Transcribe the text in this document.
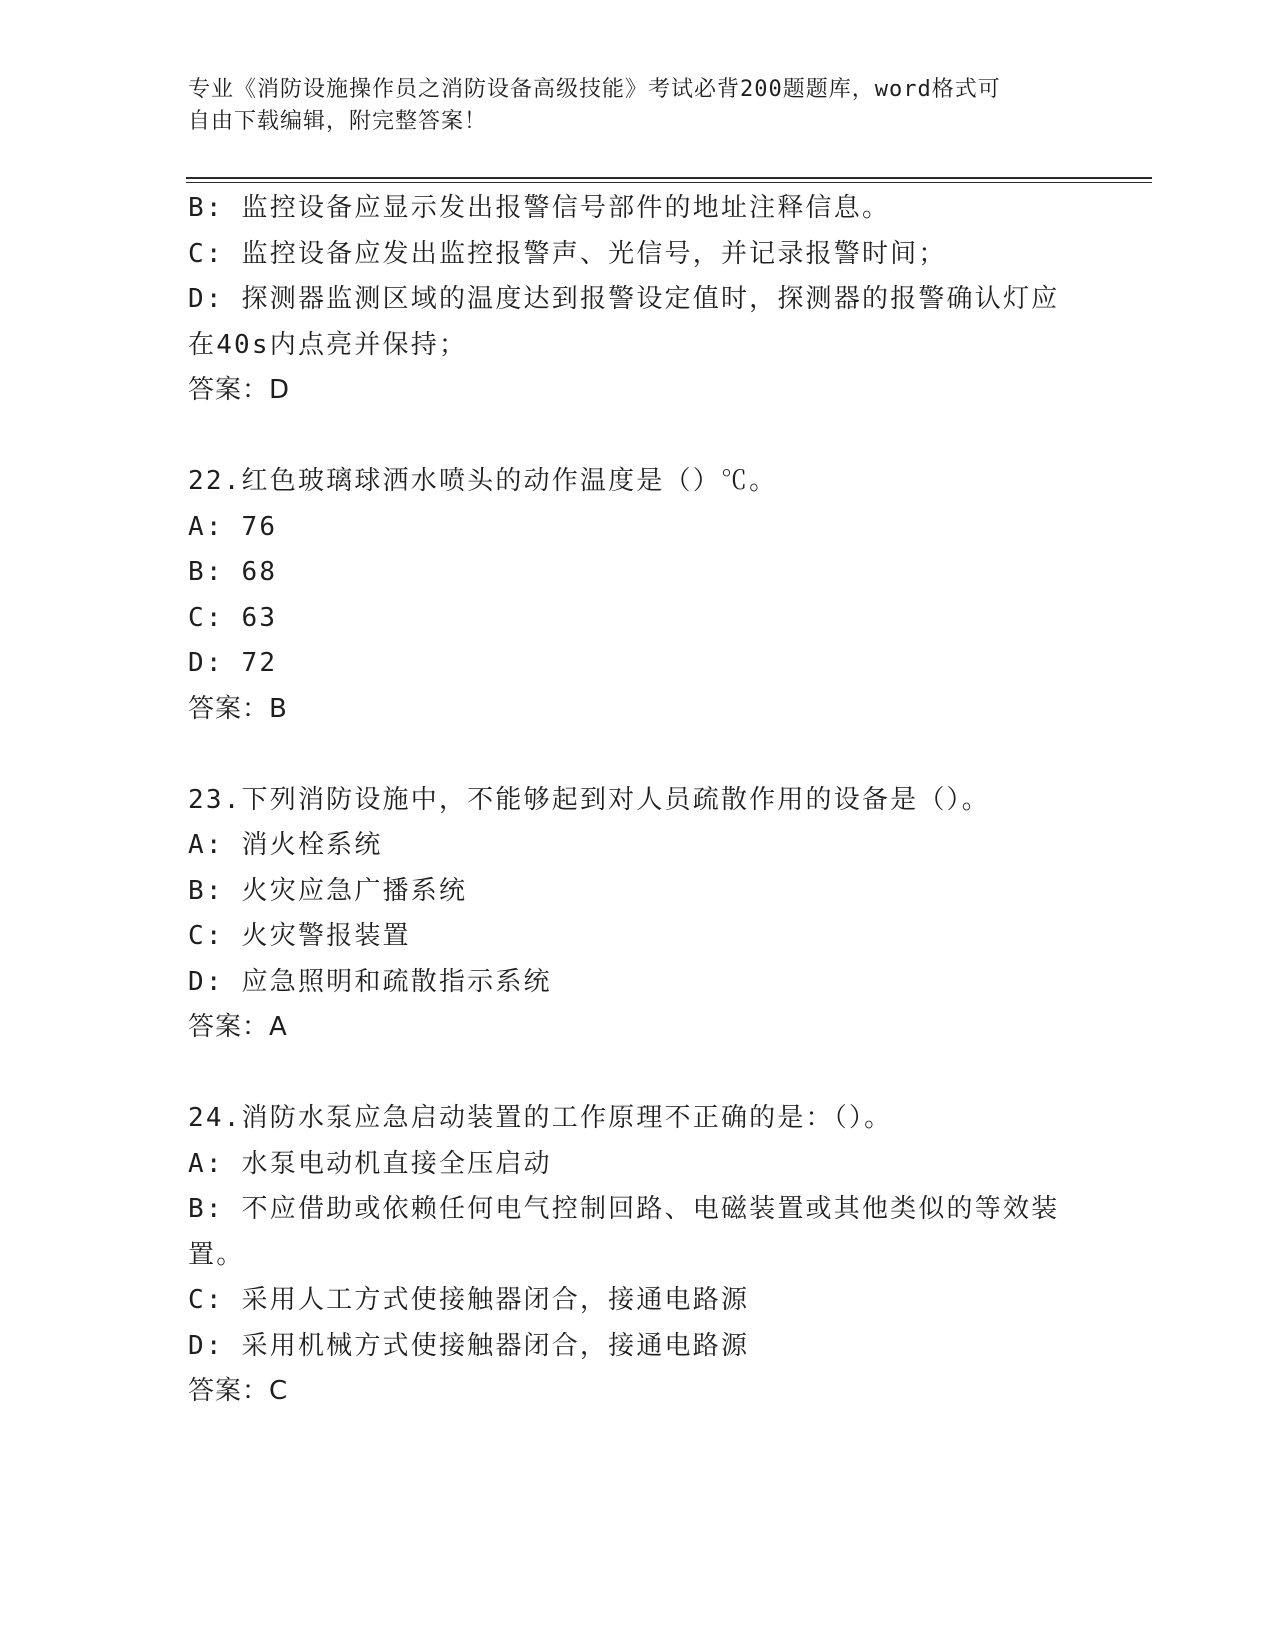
专业《消防设施操作员之消防设备高级技能》考试必背200题题库，word格式可
自由下载编辑，附完整答案！
B: 监控设备应显示发出报警信号部件的地址注释信息。
C: 监控设备应发出监控报警声、光信号，并记录报警时间；
D: 探测器监测区域的温度达到报警设定值时，探测器的报警确认灯应在40s内点亮并保持；
答案：D
22.红色玻璃球洒水喷头的动作温度是（）℃。
A: 76
B: 68
C: 63
D: 72
答案：B
23.下列消防设施中，不能够起到对人员疏散作用的设备是（）。
A: 消火栓系统
B: 火灾应急广播系统
C: 火灾警报装置
D: 应急照明和疏散指示系统
答案：A
24.消防水泵应急启动装置的工作原理不正确的是：（）。
A: 水泵电动机直接全压启动
B: 不应借助或依赖任何电气控制回路、电磁装置或其他类似的等效装置。
C: 采用人工方式使接触器闭合，接通电路源
D: 采用机械方式使接触器闭合，接通电路源
答案：C
